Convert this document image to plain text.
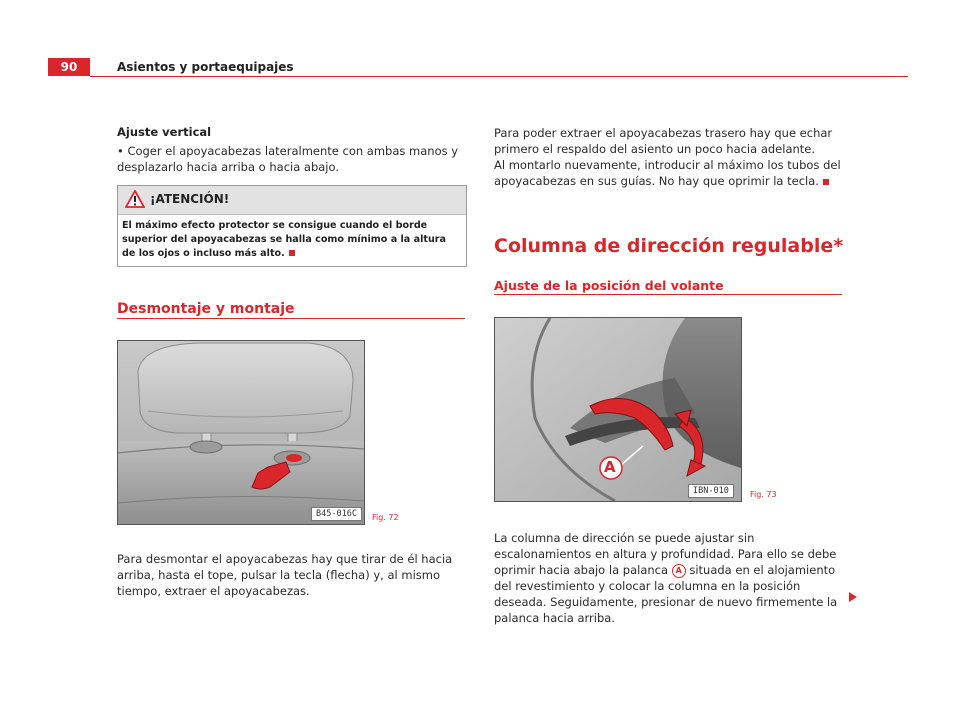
90	Asientos y portaequipajes
Ajuste vertical
• Coger el apoyacabezas lateralmente con ambas manos y desplazarlo hacia arriba o hacia abajo.
¡ATENCIÓN!
El máximo efecto protector se consigue cuando el borde superior del apoyacabezas se halla como mínimo a la altura de los ojos o incluso más alto.
Desmontaje y montaje
B45-016C	Fig. 72
Para desmontar el apoyacabezas hay que tirar de él hacia arriba, hasta el tope, pulsar la tecla (flecha) y, al mismo tiempo, extraer el apoyacabezas.
Para poder extraer el apoyacabezas trasero hay que echar primero el respaldo del asiento un poco hacia adelante.
Al montarlo nuevamente, introducir al máximo los tubos del apoyacabezas en sus guías. No hay que oprimir la tecla.
Columna de dirección regulable*
Ajuste de la posición del volante
A
IBN-010	Fig. 73
La columna de dirección se puede ajustar sin escalonamientos en altura y profundidad. Para ello se debe oprimir hacia abajo la palanca A situada en el alojamiento del revestimiento y colocar la columna en la posición deseada. Seguidamente, presionar de nuevo firmemente la palanca hacia arriba.
